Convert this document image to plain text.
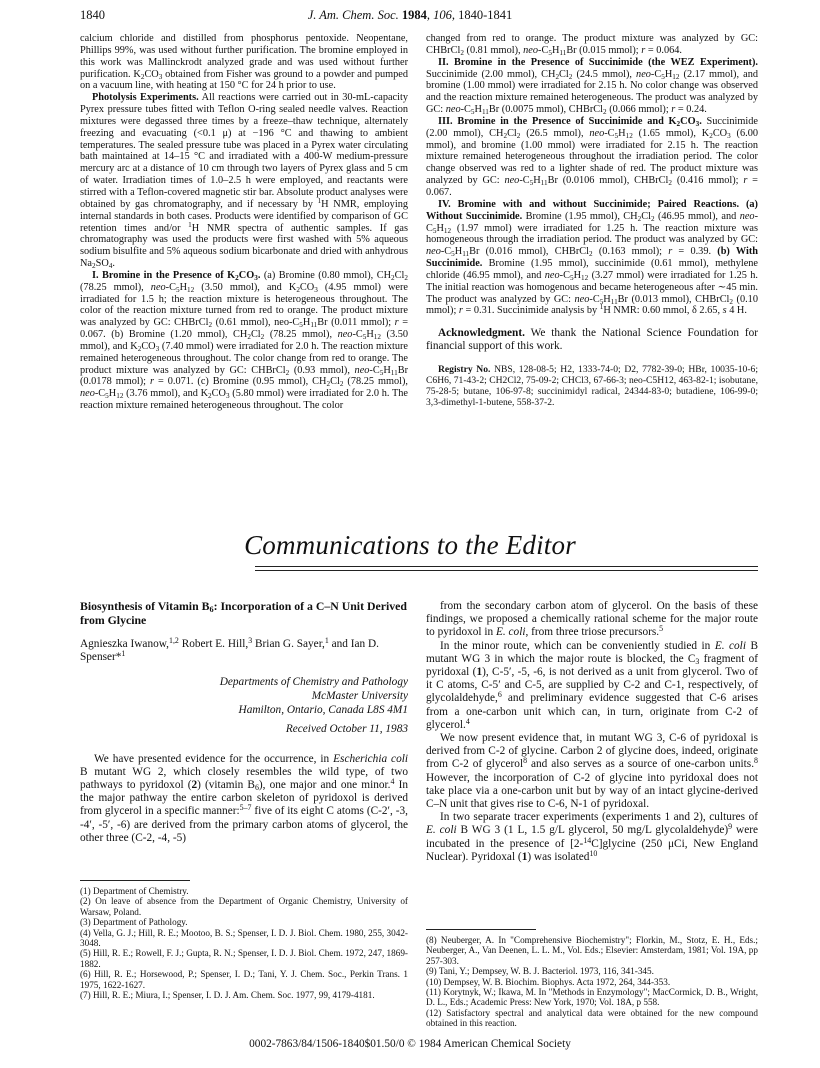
1840	J. Am. Chem. Soc. 1984, 106, 1840-1841

calcium chloride and distilled from phosphorus pentoxide. Neopentane, Phillips 99%, was used without further purification. The bromine employed in this work was Mallinckrodt analyzed grade and was used without further purification. $K_2CO_3$ obtained from Fisher was ground to a powder and pumped on a vacuum line, with heating at 150 °C for 24 h prior to use.

Photolysis Experiments. All reactions were carried out in 30-mL-capacity Pyrex pressure tubes fitted with Teflon O-ring sealed needle valves. Reaction mixtures were degassed three times by a freeze–thaw technique, alternately freezing and evacuating (<0.1 μ) at −196 °C and thawing to ambient temperatures. The sealed pressure tube was placed in a Pyrex water circulating bath maintained at 14–15 °C and irradiated with a 400-W medium-pressure mercury arc at a distance of 10 cm through two layers of Pyrex glass and 5 cm of water. Irradiation times of 1.0–2.5 h were employed, and reactants were stirred with a Teflon-covered magnetic stir bar. Absolute product analyses were obtained by gas chromatography, and if necessary by $^1$H NMR, employing internal standards in both cases. Products were identified by comparison of GC retention times and/or $^1$H NMR spectra of authentic samples. If gas chromatography was used the products were first washed with 5% aqueous sodium bisulfite and 5% aqueous sodium bicarbonate and dried with anhydrous $Na_2SO_4$.

I. Bromine in the Presence of $K_2CO_3$. (a) Bromine (0.80 mmol), $CH_2Cl_2$ (78.25 mmol), neo-$C_5H_{12}$ (3.50 mmol), and $K_2CO_3$ (4.95 mmol) were irradiated for 1.5 h; the reaction mixture is heterogeneous throughout. The color of the reaction mixture turned from red to orange. The product mixture was analyzed by GC: CHBrCl$_2$ (0.61 mmol), neo-$C_5H_{11}Br$ (0.011 mmol); r = 0.067. (b) Bromine (1.20 mmol), $CH_2Cl_2$ (78.25 mmol), neo-$C_5H_{12}$ (3.50 mmol), and $K_2CO_3$ (7.40 mmol) were irradiated for 2.0 h. The reaction mixture remained heterogeneous throughout. The color change from red to orange. The product mixture was analyzed by GC: CHBrCl$_2$ (0.93 mmol), neo-$C_5H_{11}Br$ (0.0178 mmol); r = 0.071. (c) Bromine (0.95 mmol), $CH_2Cl_2$ (78.25 mmol), neo-$C_5H_{12}$ (3.76 mmol), and $K_2CO_3$ (5.80 mmol) were irradiated for 2.0 h. The reaction mixture remained heterogeneous throughout. The color

changed from red to orange. The product mixture was analyzed by GC: CHBrCl$_2$ (0.81 mmol), neo-$C_5H_{11}Br$ (0.015 mmol); r = 0.064.

II. Bromine in the Presence of Succinimide (the WEZ Experiment). Succinimide (2.00 mmol), $CH_2Cl_2$ (24.5 mmol), neo-$C_5H_{12}$ (2.17 mmol), and bromine (1.00 mmol) were irradiated for 2.15 h. No color change was observed and the reaction mixture remained heterogeneous. The product was analyzed by GC: neo-$C_5H_{11}Br$ (0.0075 mmol), CHBrCl$_2$ (0.066 mmol); r = 0.24.

III. Bromine in the Presence of Succinimide and $K_2CO_3$. Succinimide (2.00 mmol), $CH_2Cl_2$ (26.5 mmol), neo-$C_5H_{12}$ (1.65 mmol), $K_2CO_3$ (6.00 mmol), and bromine (1.00 mmol) were irradiated for 2.15 h. The reaction mixture remained heterogeneous throughout the irradiation period. The color change observed was red to a lighter shade of red. The product mixture was analyzed by GC: neo-$C_5H_{11}Br$ (0.0106 mmol), CHBrCl$_2$ (0.416 mmol); r = 0.067.

IV. Bromine with and without Succinimide; Paired Reactions. (a) Without Succinimide. Bromine (1.95 mmol), $CH_2Cl_2$ (46.95 mmol), and neo-$C_5H_{12}$ (1.97 mmol) were irradiated for 1.25 h. The reaction mixture was homogeneous through the irradiation period. The product was analyzed by GC: neo-$C_5H_{11}Br$ (0.016 mmol), CHBrCl$_2$ (0.163 mmol); r = 0.39. (b) With Succinimide. Bromine (1.95 mmol), succinimide (0.61 mmol), methylene chloride (46.95 mmol), and neo-$C_5H_{12}$ (3.27 mmol) were irradiated for 1.25 h. The initial reaction was homogenous and became heterogeneous after ∼45 min. The product was analyzed by GC: neo-$C_5H_{11}Br$ (0.013 mmol), CHBrCl$_2$ (0.10 mmol); r = 0.31. Succinimide analysis by $^1$H NMR: 0.60 mmol, δ 2.65, s 4 H.

Acknowledgment. We thank the National Science Foundation for financial support of this work.

Registry No. NBS, 128-08-5; H2, 1333-74-0; D2, 7782-39-0; HBr, 10035-10-6; C6H6, 71-43-2; CH2Cl2, 75-09-2; CHCl3, 67-66-3; neo-C5H12, 463-82-1; isobutane, 75-28-5; butane, 106-97-8; succinimidyl radical, 24344-83-0; butadiene, 106-99-0; 3,3-dimethyl-1-butene, 558-37-2.

Communications to the Editor
Biosynthesis of Vitamin $B_6$: Incorporation of a C–N Unit Derived from Glycine
Agnieszka Iwanow,$^{1,2}$ Robert E. Hill,$^3$ Brian G. Sayer,$^1$ and Ian D. Spenser*$^1$
Departments of Chemistry and Pathology
McMaster University
Hamilton, Ontario, Canada L8S 4M1
Received October 11, 1983

We have presented evidence for the occurrence, in Escherichia coli B mutant WG 2, which closely resembles the wild type, of two pathways to pyridoxol (2) (vitamin $B_6$), one major and one minor.$^4$ In the major pathway the entire carbon skeleton of pyridoxol is derived from glycerol in a specific manner:$^{5-7}$ five of its eight C atoms (C-2′, -3, -4′, -5′, -6) are derived from the primary carbon atoms of glycerol, the other three (C-2, -4, -5)

from the secondary carbon atom of glycerol. On the basis of these findings, we proposed a chemically rational scheme for the major route to pyridoxol in E. coli, from three triose precursors.$^5$

In the minor route, which can be conveniently studied in E. coli B mutant WG 3 in which the major route is blocked, the $C_3$ fragment of pyridoxal (1), C-5′, -5, -6, is not derived as a unit from glycerol. Two of it C atoms, C-5′ and C-5, are supplied by C-2 and C-1, respectively, of glycolaldehyde,$^6$ and preliminary evidence suggested that C-6 arises from a one-carbon unit which can, in turn, originate from C-2 of glycerol.$^4$

We now present evidence that, in mutant WG 3, C-6 of pyridoxal is derived from C-2 of glycine. Carbon 2 of glycine does, indeed, originate from C-2 of glycerol$^8$ and also serves as a source of one-carbon units.$^8$ However, the incorporation of C-2 of glycine into pyridoxal does not take place via a one-carbon unit but by way of an intact glycine-derived C–N unit that gives rise to C-6, N-1 of pyridoxal.

In two separate tracer experiments (experiments 1 and 2), cultures of E. coli B WG 3 (1 L, 1.5 g/L glycerol, 50 mg/L glycolaldehyde)$^9$ were incubated in the presence of [2-$^{14}$C]glycine (250 μCi, New England Nuclear). Pyridoxal (1) was isolated$^{10}$

(1) Department of Chemistry.

(2) On leave of absence from the Department of Organic Chemistry, University of Warsaw, Poland.

(3) Department of Pathology.

(4) Vella, G. J.; Hill, R. E.; Mootoo, B. S.; Spenser, I. D. J. Biol. Chem. 1980, 255, 3042-3048.

(5) Hill, R. E.; Rowell, F. J.; Gupta, R. N.; Spenser, I. D. J. Biol. Chem. 1972, 247, 1869-1882.

(6) Hill, R. E.; Horsewood, P.; Spenser, I. D.; Tani, Y. J. Chem. Soc., Perkin Trans. 1 1975, 1622-1627.

(7) Hill, R. E.; Miura, I.; Spenser, I. D. J. Am. Chem. Soc. 1977, 99, 4179-4181.

(8) Neuberger, A. In "Comprehensive Biochemistry"; Florkin, M., Stotz, E. H., Eds.; Neuberger, A., Van Deenen, L. L. M., Vol. Eds.; Elsevier: Amsterdam, 1981; Vol. 19A, pp 257-303.

(9) Tani, Y.; Dempsey, W. B. J. Bacteriol. 1973, 116, 341-345.

(10) Dempsey, W. B. Biochim. Biophys. Acta 1972, 264, 344-353.

(11) Korytnyk, W.; Ikawa, M. In "Methods in Enzymology"; MacCormick, D. B., Wright, D. L., Eds.; Academic Press: New York, 1970; Vol. 18A, p 558.

(12) Satisfactory spectral and analytical data were obtained for the new compound obtained in this reaction.

0002-7863/84/1506-1840$01.50/0 © 1984 American Chemical Society
